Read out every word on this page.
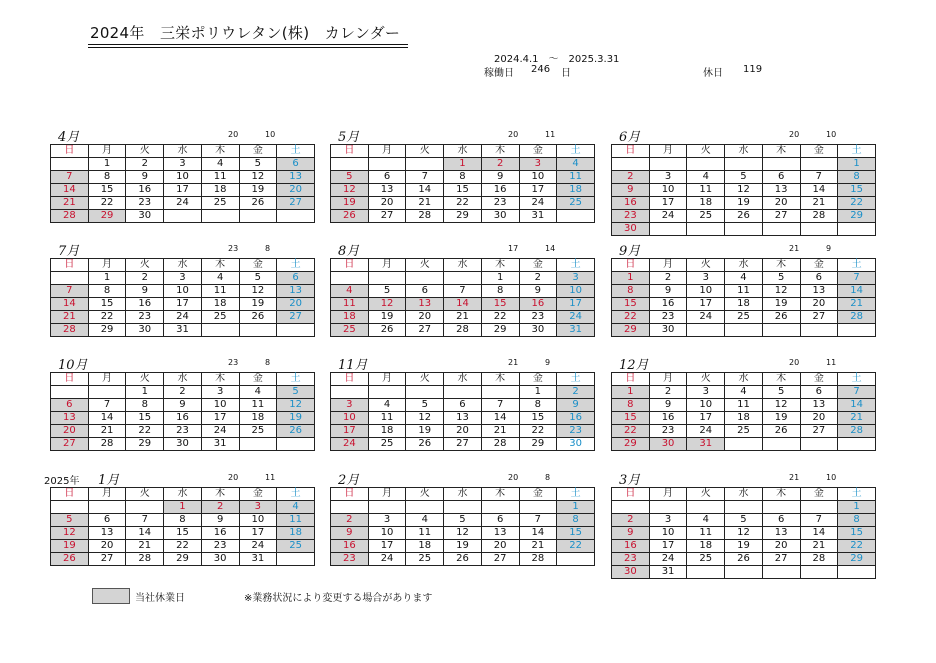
2024年　三栄ポリウレタン(株)　カレンダー
2024.4.1　～　2025.3.31
稼働日 246 日	休日 119
4月	20	10
日	月	火	水	木	金	土
	1	2	3	4	5	6
7	8	9	10	11	12	13
14	15	16	17	18	19	20
21	22	23	24	25	26	27
28	29	30				
5月	20	11
日	月	火	水	木	金	土
			1	2	3	4
5	6	7	8	9	10	11
12	13	14	15	16	17	18
19	20	21	22	23	24	25
26	27	28	29	30	31	
6月	20	10
日	月	火	水	木	金	土
						1
2	3	4	5	6	7	8
9	10	11	12	13	14	15
16	17	18	19	20	21	22
23	24	25	26	27	28	29
30						
7月	23	8
日	月	火	水	木	金	土
	1	2	3	4	5	6
7	8	9	10	11	12	13
14	15	16	17	18	19	20
21	22	23	24	25	26	27
28	29	30	31			
8月	17	14
日	月	火	水	木	金	土
				1	2	3
4	5	6	7	8	9	10
11	12	13	14	15	16	17
18	19	20	21	22	23	24
25	26	27	28	29	30	31
9月	21	9
日	月	火	水	木	金	土
1	2	3	4	5	6	7
8	9	10	11	12	13	14
15	16	17	18	19	20	21
22	23	24	25	26	27	28
29	30					
10月	23	8
日	月	火	水	木	金	土
		1	2	3	4	5
6	7	8	9	10	11	12
13	14	15	16	17	18	19
20	21	22	23	24	25	26
27	28	29	30	31		
11月	21	9
日	月	火	水	木	金	土
					1	2
3	4	5	6	7	8	9
10	11	12	13	14	15	16
17	18	19	20	21	22	23
24	25	26	27	28	29	30
12月	20	11
日	月	火	水	木	金	土
1	2	3	4	5	6	7
8	9	10	11	12	13	14
15	16	17	18	19	20	21
22	23	24	25	26	27	28
29	30	31				
2025年 1月	20	11
日	月	火	水	木	金	土
			1	2	3	4
5	6	7	8	9	10	11
12	13	14	15	16	17	18
19	20	21	22	23	24	25
26	27	28	29	30	31	
2月	20	8
日	月	火	水	木	金	土
						1
2	3	4	5	6	7	8
9	10	11	12	13	14	15
16	17	18	19	20	21	22
23	24	25	26	27	28	
3月	21	10
日	月	火	水	木	金	土
						1
2	3	4	5	6	7	8
9	10	11	12	13	14	15
16	17	18	19	20	21	22
23	24	25	26	27	28	29
30	31					
当社休業日	※業務状況により変更する場合があります
